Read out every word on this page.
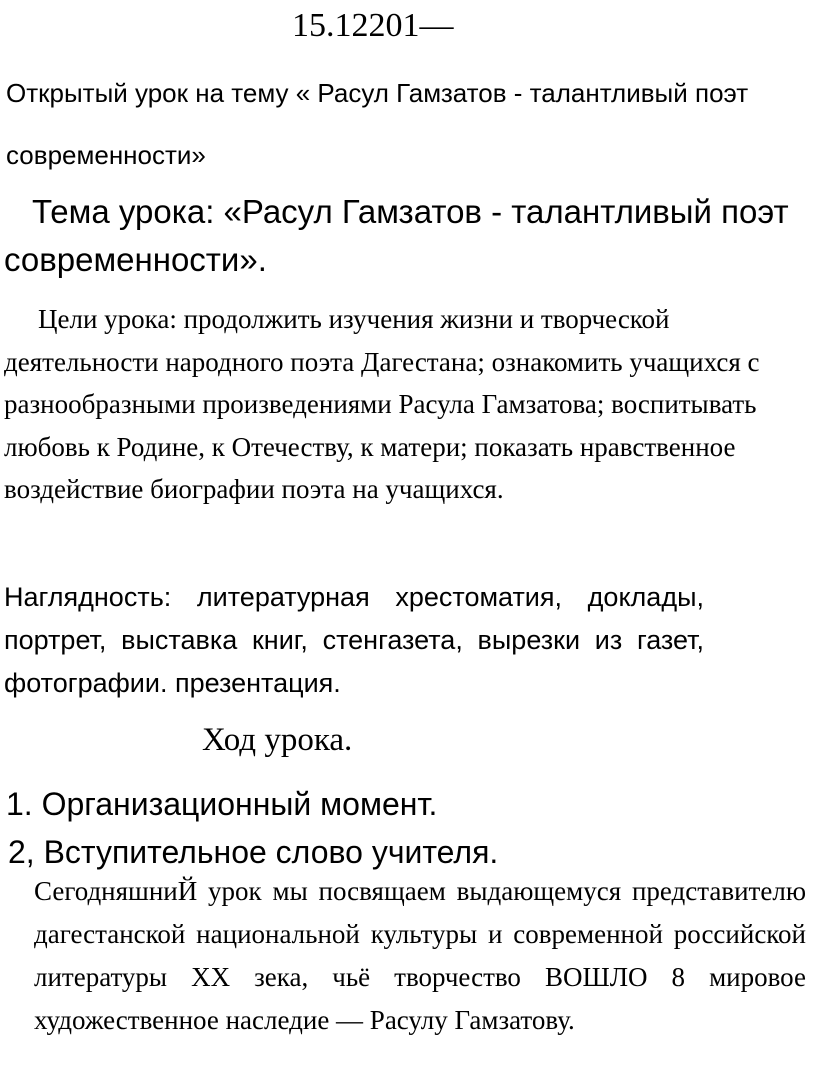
15.12201—
Открытый урок на тему « Расул Гамзатов - талантливый поэт современности»
Тема урока: «Расул Гамзатов - талантливый поэт современности».
Цели урока: продолжить изучения жизни и творческой деятельности народного поэта Дагестана; ознакомить учащихся с разнообразными произведениями Расула Гамзатова; воспитывать любовь к Родине, к Отечеству, к матери; показать нравственное воздействие биографии поэта на учащихся.
Наглядность: литературная хрестоматия, доклады, портрет, выставка книг, стенгазета, вырезки из газет, фотографии. презентация.
Ход урока.
1. Организационный момент.
2, Вступительное слово учителя.
СегодняшниЙ урок мы посвящаем выдающемуся представителю дагестанской национальной культуры и современной российской литературы ХХ зека, чьё творчество ВОШЛО 8 мировое художественное наследие — Расулу Гамзатову.
